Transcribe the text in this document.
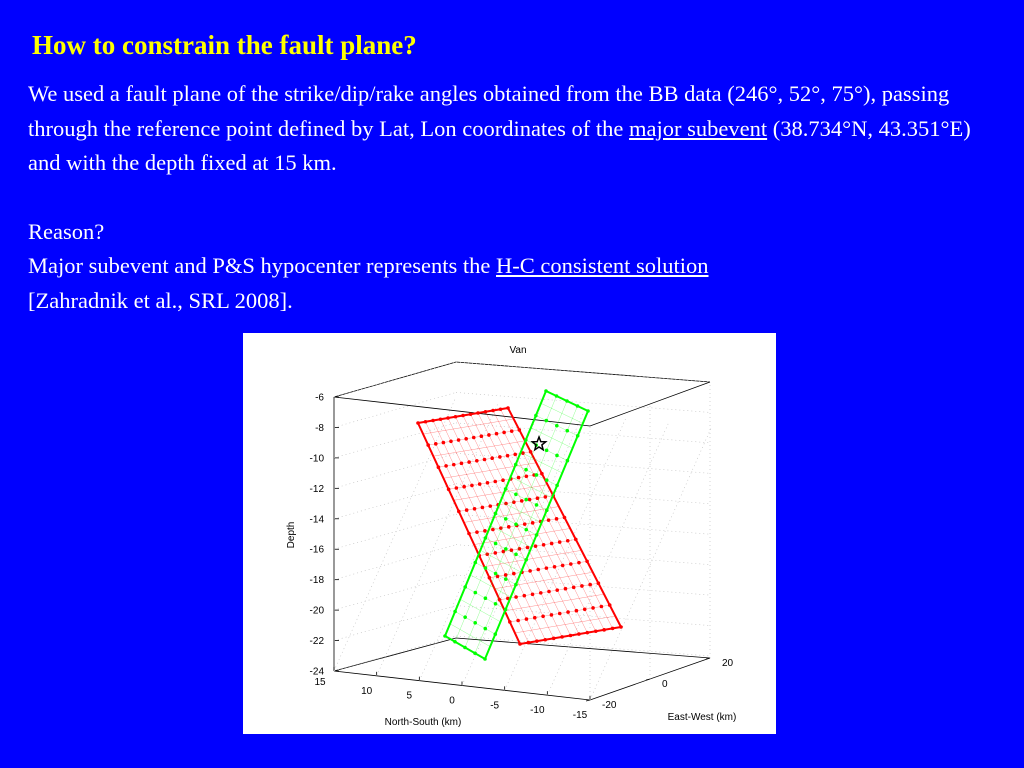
How to constrain the fault plane?
We used a fault plane of the strike/dip/rake angles obtained from the BB data (246°, 52°, 75°), passing through the reference point defined by Lat, Lon coordinates of the major subevent (38.734°N, 43.351°E) and with the depth fixed at 15 km.
Reason?
Major subevent and P&S hypocenter represents the H-C consistent solution
[Zahradnik et al., SRL 2008].
-6
-8
-10
-12
-14
-16
-18
-20
-22
-24
15
10	5	0	-5	-10	-15
20
0
-20
Van
Depth
North-South (km)	East-West (km)
